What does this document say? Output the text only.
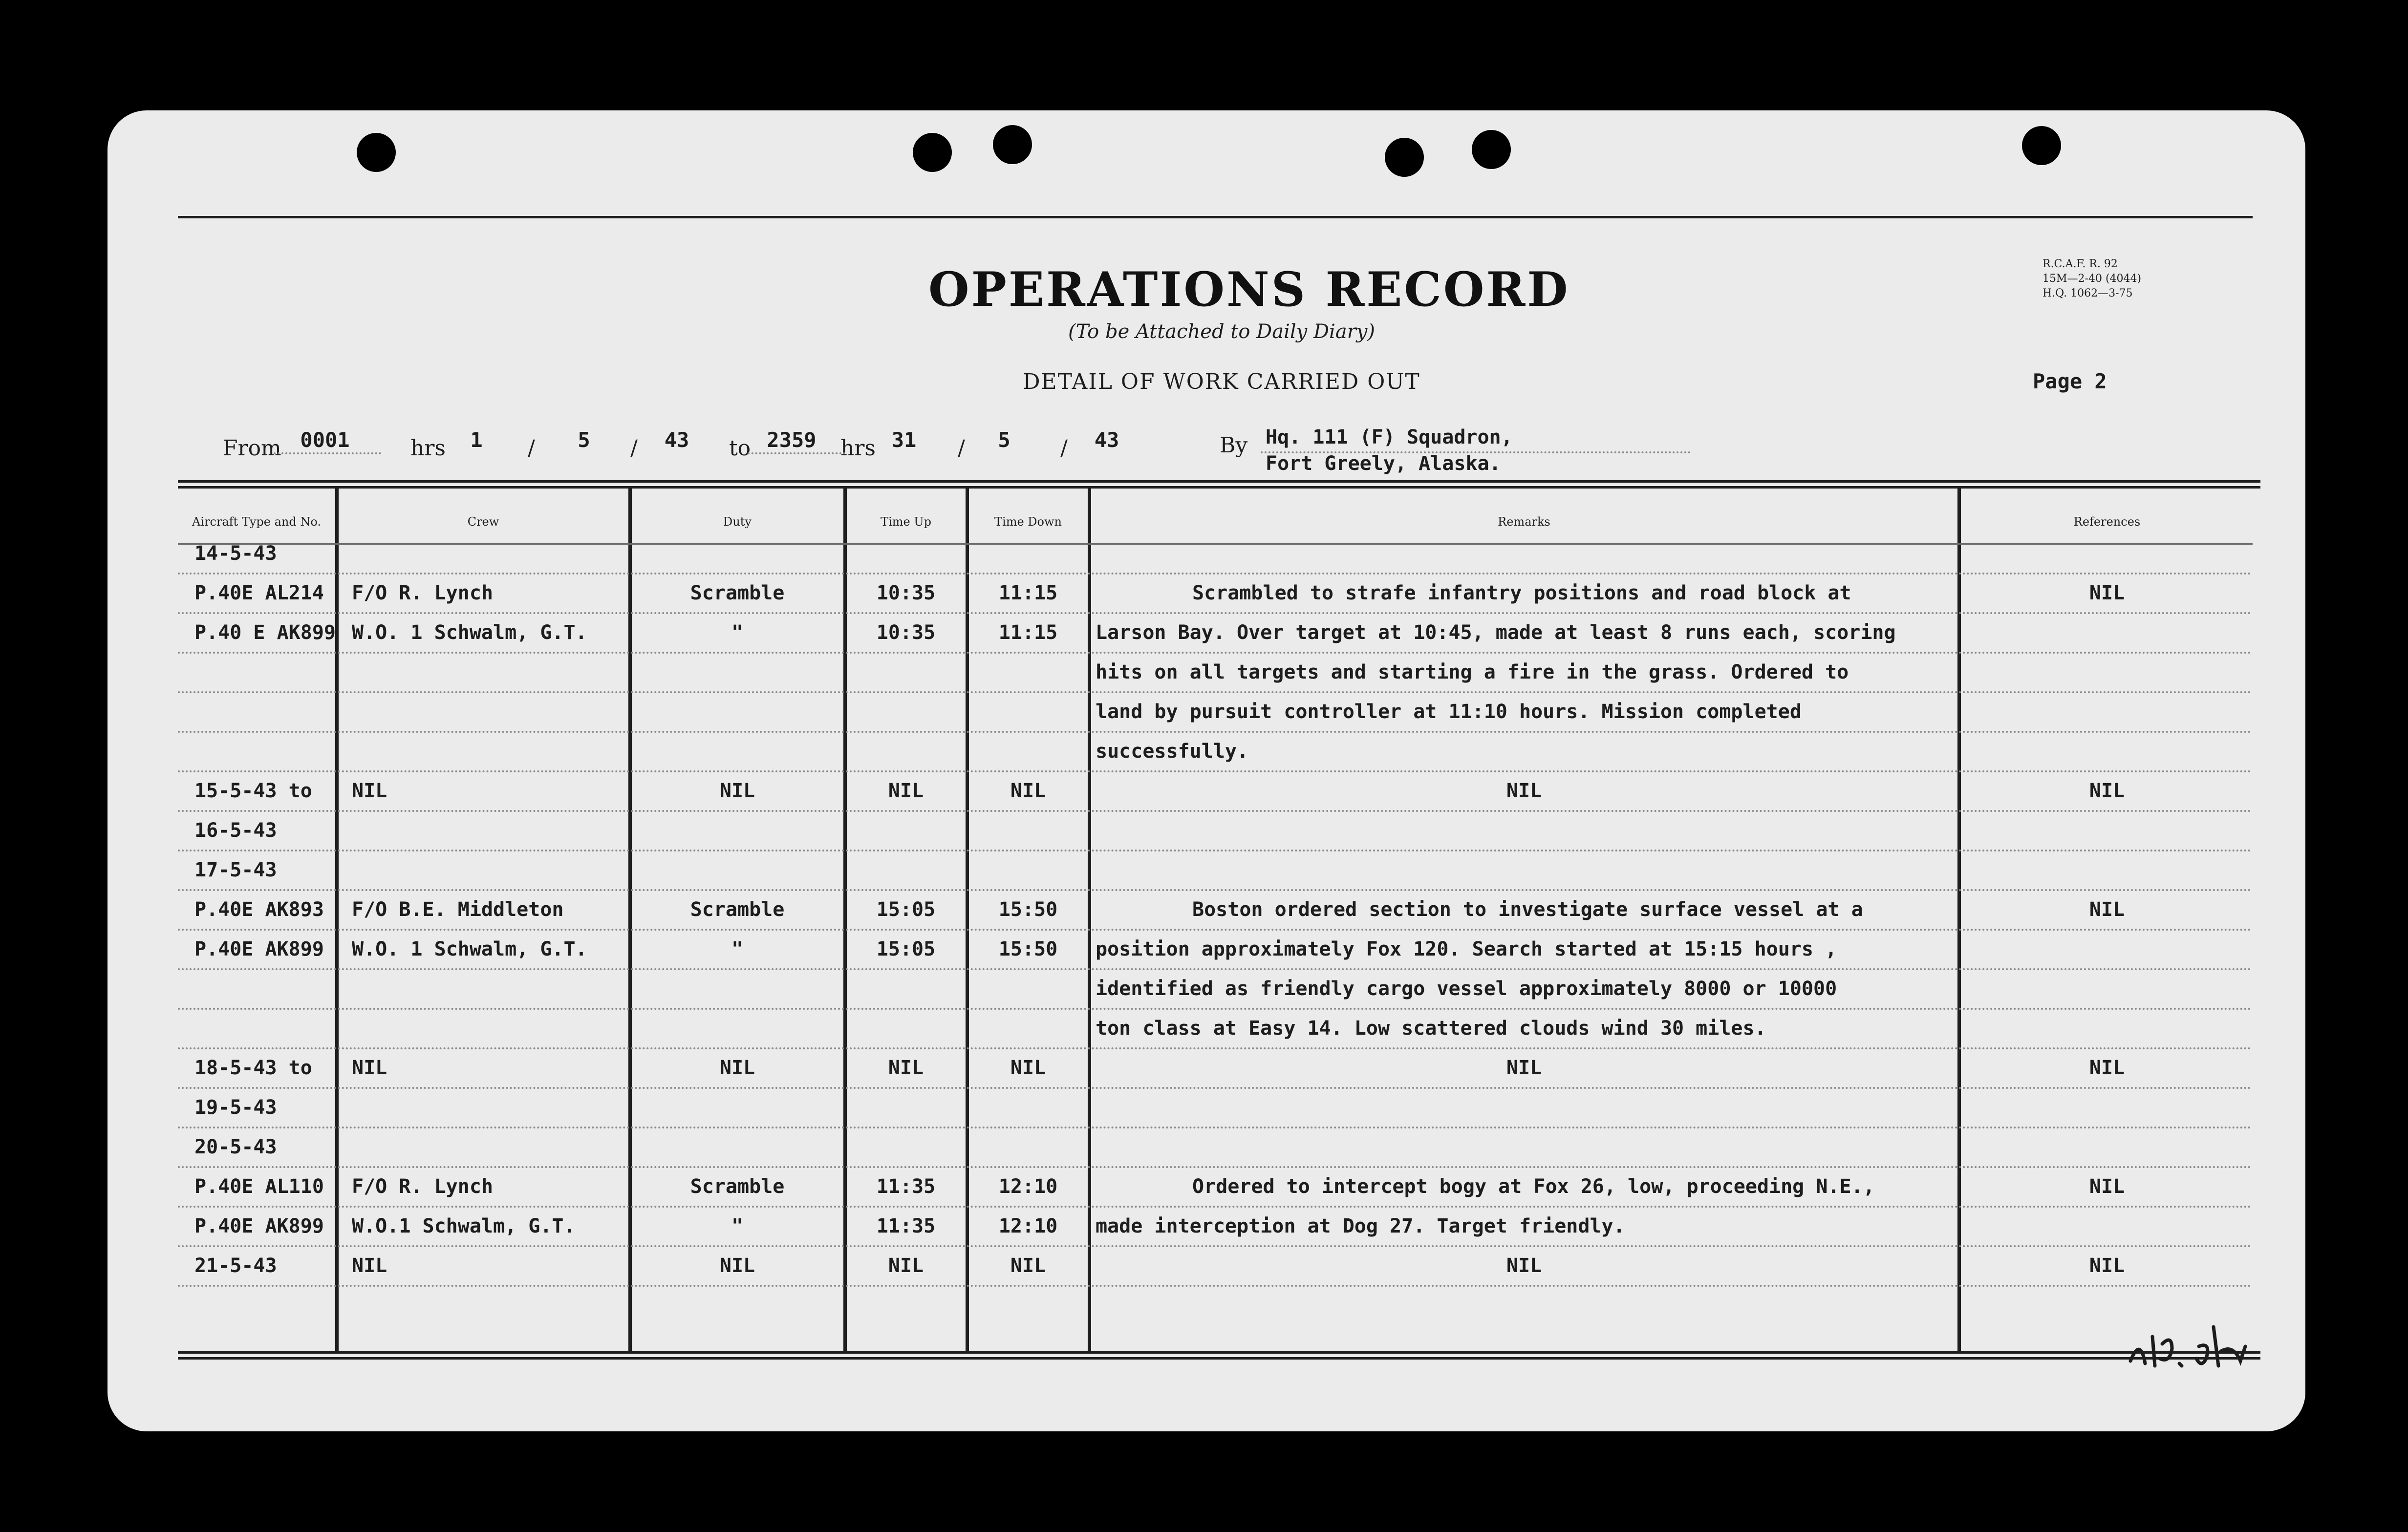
OPERATIONS RECORD
(To be Attached to Daily Diary)
DETAIL OF WORK CARRIED OUT
R.C.A.F. R. 92
15M—2-40 (4044)
H.Q. 1062—3-75
Page 2
From 0001	hrs	1	/	5	/	43	to 2359	hrs 31	/	5	/	43	By Hq. 111 (F) Squadron,
Fort Greely, Alaska.
Aircraft Type and No.	Crew	Duty	Time Up	Time Down	Remarks	References
14-5-43
P.40E AL214	F/O R. Lynch	Scramble	10:35	11:15	Scrambled to strafe infantry positions and road block at	NIL
P.40 E AK899 W.O. 1 Schwalm, G.T.	"	10:35	11:15	Larson Bay. Over target at 10:45, made at least 8 runs each, scoring
hits on all targets and starting a fire in the grass. Ordered to
land by pursuit controller at 11:10 hours. Mission completed
successfully.
15-5-43 to	NIL	NIL	NIL	NIL	NIL	NIL
16-5-43
17-5-43
P.40E AK893	F/O B.E. Middleton	Scramble	15:05	15:50	Boston ordered section to investigate surface vessel at a	NIL
P.40E AK899	W.O. 1 Schwalm, G.T.	"	15:05	15:50	position approximately Fox 120. Search started at 15:15 hours ,
identified as friendly cargo vessel approximately 8000 or 10000
ton class at Easy 14. Low scattered clouds wind 30 miles.
18-5-43 to	NIL	NIL	NIL	NIL	NIL	NIL
19-5-43
20-5-43
P.40E AL110	F/O R. Lynch	Scramble	11:35	12:10	Ordered to intercept bogy at Fox 26, low, proceeding N.E.,	NIL
P.40E AK899	W.O.1 Schwalm, G.T.	"	11:35	12:10	made interception at Dog 27. Target friendly.
21-5-43	NIL	NIL	NIL	NIL	NIL	NIL
